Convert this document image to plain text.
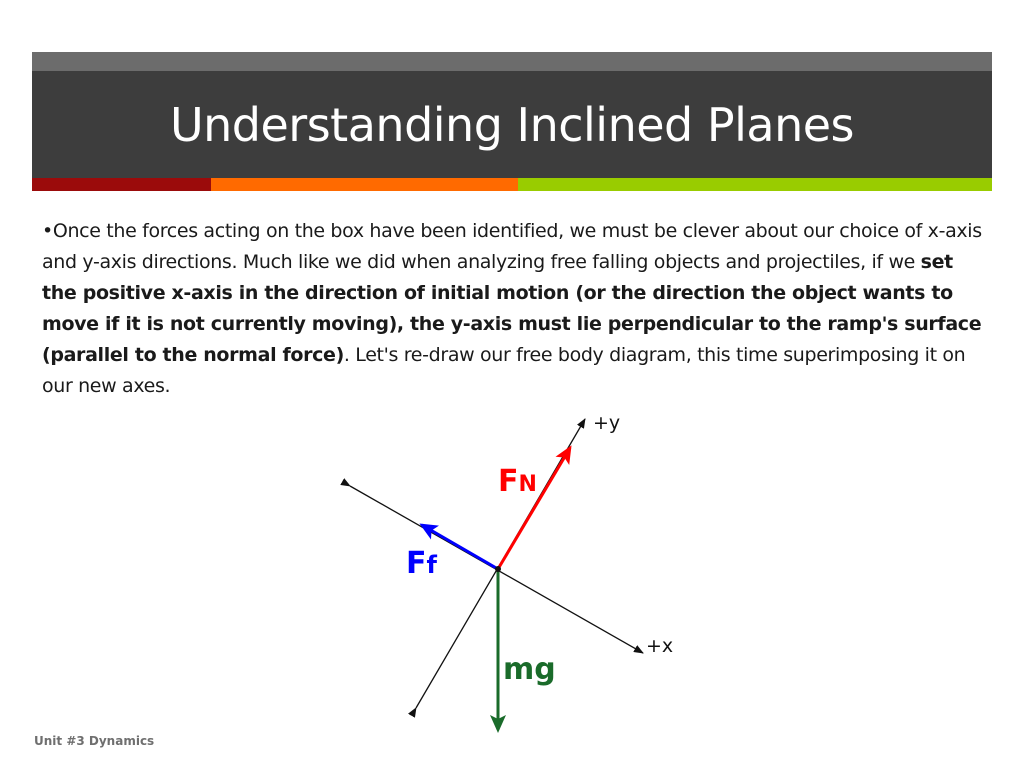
Understanding Inclined Planes
•Once the forces acting on the box have been identified, we must be clever about our choice of x-axis and y-axis directions. Much like we did when analyzing free falling objects and projectiles, if we set the positive x-axis in the direction of initial motion (or the direction the object wants to move if it is not currently moving), the y-axis must lie perpendicular to the ramp's surface (parallel to the normal force). Let's re-draw our free body diagram, this time superimposing it on our new axes.
+y
+x
FN
Ff
mg
Unit #3 Dynamics
